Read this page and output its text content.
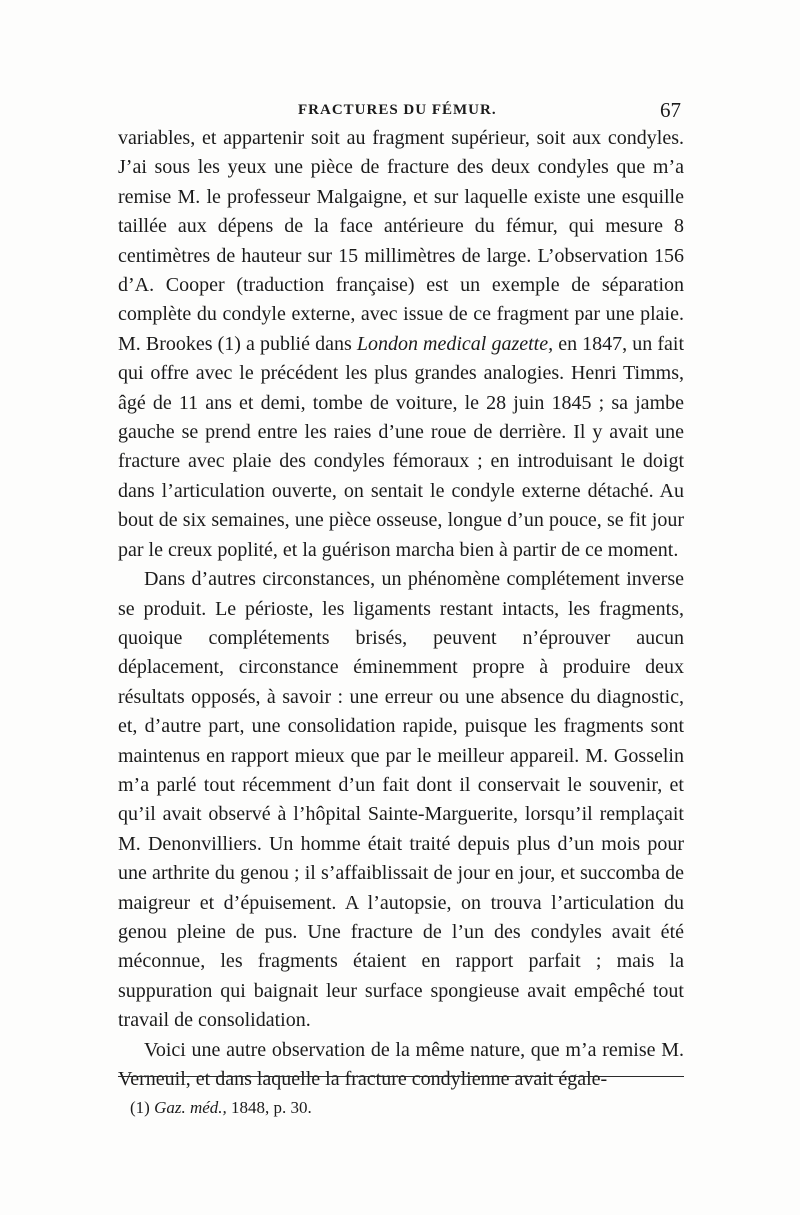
FRACTURES DU FÉMUR.	67

variables, et appartenir soit au fragment supérieur, soit aux condyles. J’ai sous les yeux une pièce de fracture des deux condyles que m’a remise M. le professeur Malgaigne, et sur laquelle existe une esquille taillée aux dépens de la face antérieure du fémur, qui mesure 8 centimètres de hauteur sur 15 millimètres de large. L’observation 156 d’A. Cooper (traduction française) est un exemple de séparation complète du condyle externe, avec issue de ce fragment par une plaie. M. Brookes (1) a publié dans London medical gazette, en 1847, un fait qui offre avec le précédent les plus grandes analogies. Henri Timms, âgé de 11 ans et demi, tombe de voiture, le 28 juin 1845 ; sa jambe gauche se prend entre les raies d’une roue de derrière. Il y avait une fracture avec plaie des condyles fémoraux ; en introduisant le doigt dans l’articulation ouverte, on sentait le condyle externe détaché. Au bout de six semaines, une pièce osseuse, longue d’un pouce, se fit jour par le creux poplité, et la guérison marcha bien à partir de ce moment.

Dans d’autres circonstances, un phénomène complétement inverse se produit. Le périoste, les ligaments restant intacts, les fragments, quoique complétements brisés, peuvent n’éprouver aucun déplacement, circonstance éminemment propre à produire deux résultats opposés, à savoir : une erreur ou une absence du diagnostic, et, d’autre part, une consolidation rapide, puisque les fragments sont maintenus en rapport mieux que par le meilleur appareil. M. Gosselin m’a parlé tout récemment d’un fait dont il conservait le souvenir, et qu’il avait observé à l’hôpital Sainte-Marguerite, lorsqu’il remplaçait M. Denonvilliers. Un homme était traité depuis plus d’un mois pour une arthrite du genou ; il s’affaiblissait de jour en jour, et succomba de maigreur et d’épuisement. A l’autopsie, on trouva l’articulation du genou pleine de pus. Une fracture de l’un des condyles avait été méconnue, les fragments étaient en rapport parfait ; mais la suppuration qui baignait leur surface spongieuse avait empêché tout travail de consolidation.

Voici une autre observation de la même nature, que m’a remise M. Verneuil, et dans laquelle la fracture condylienne avait égale-

(1) Gaz. méd., 1848, p. 30.
